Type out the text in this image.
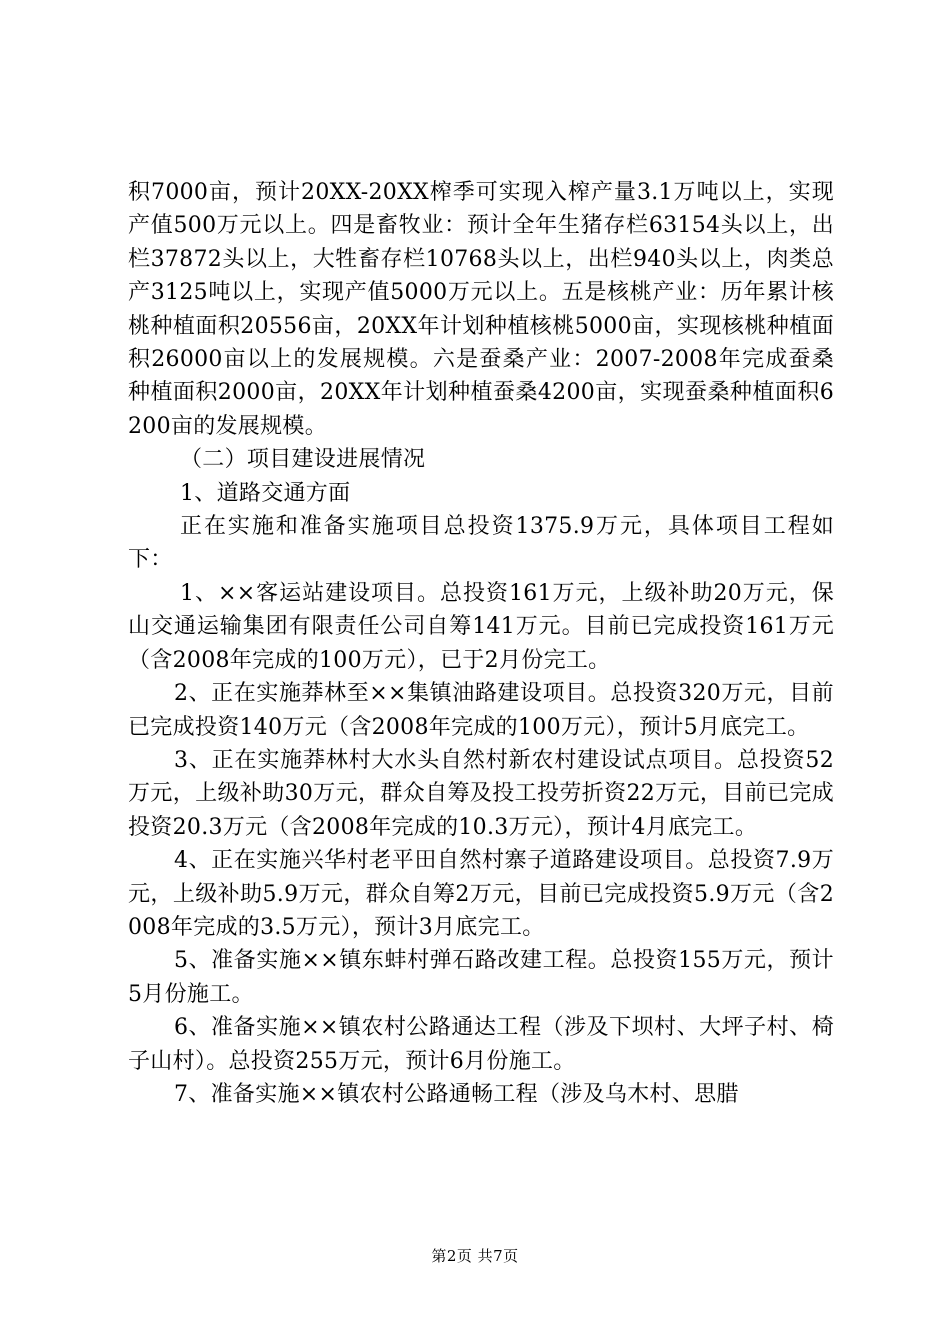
积7000亩，预计20XX-20XX榨季可实现入榨产量3.1万吨以上，实现产值500万元以上。四是畜牧业：预计全年生猪存栏63154头以上，出栏37872头以上，大牲畜存栏10768头以上，出栏940头以上，肉类总产3125吨以上，实现产值5000万元以上。五是核桃产业：历年累计核桃种植面积20556亩，20XX年计划种植核桃5000亩，实现核桃种植面积26000亩以上的发展规模。六是蚕桑产业：2007-2008年完成蚕桑种植面积2000亩，20XX年计划种植蚕桑4200亩，实现蚕桑种植面积6200亩的发展规模。

（二）项目建设进展情况

1、道路交通方面

正在实施和准备实施项目总投资1375.9万元，具体项目工程如下：

1、××客运站建设项目。总投资161万元，上级补助20万元，保山交通运输集团有限责任公司自筹141万元。目前已完成投资161万元（含2008年完成的100万元），已于2月份完工。

2、正在实施莽林至××集镇油路建设项目。总投资320万元，目前已完成投资140万元（含2008年完成的100万元），预计5月底完工。

3、正在实施莽林村大水头自然村新农村建设试点项目。总投资52万元，上级补助30万元，群众自筹及投工投劳折资22万元，目前已完成投资20.3万元（含2008年完成的10.3万元），预计4月底完工。

4、正在实施兴华村老平田自然村寨子道路建设项目。总投资7.9万元，上级补助5.9万元，群众自筹2万元，目前已完成投资5.9万元（含2008年完成的3.5万元），预计3月底完工。

5、准备实施××镇东蚌村弹石路改建工程。总投资155万元，预计5月份施工。

6、准备实施××镇农村公路通达工程（涉及下坝村、大坪子村、椅子山村）。总投资255万元，预计6月份施工。

7、准备实施××镇农村公路通畅工程（涉及乌木村、思腊

第2页 共7页
